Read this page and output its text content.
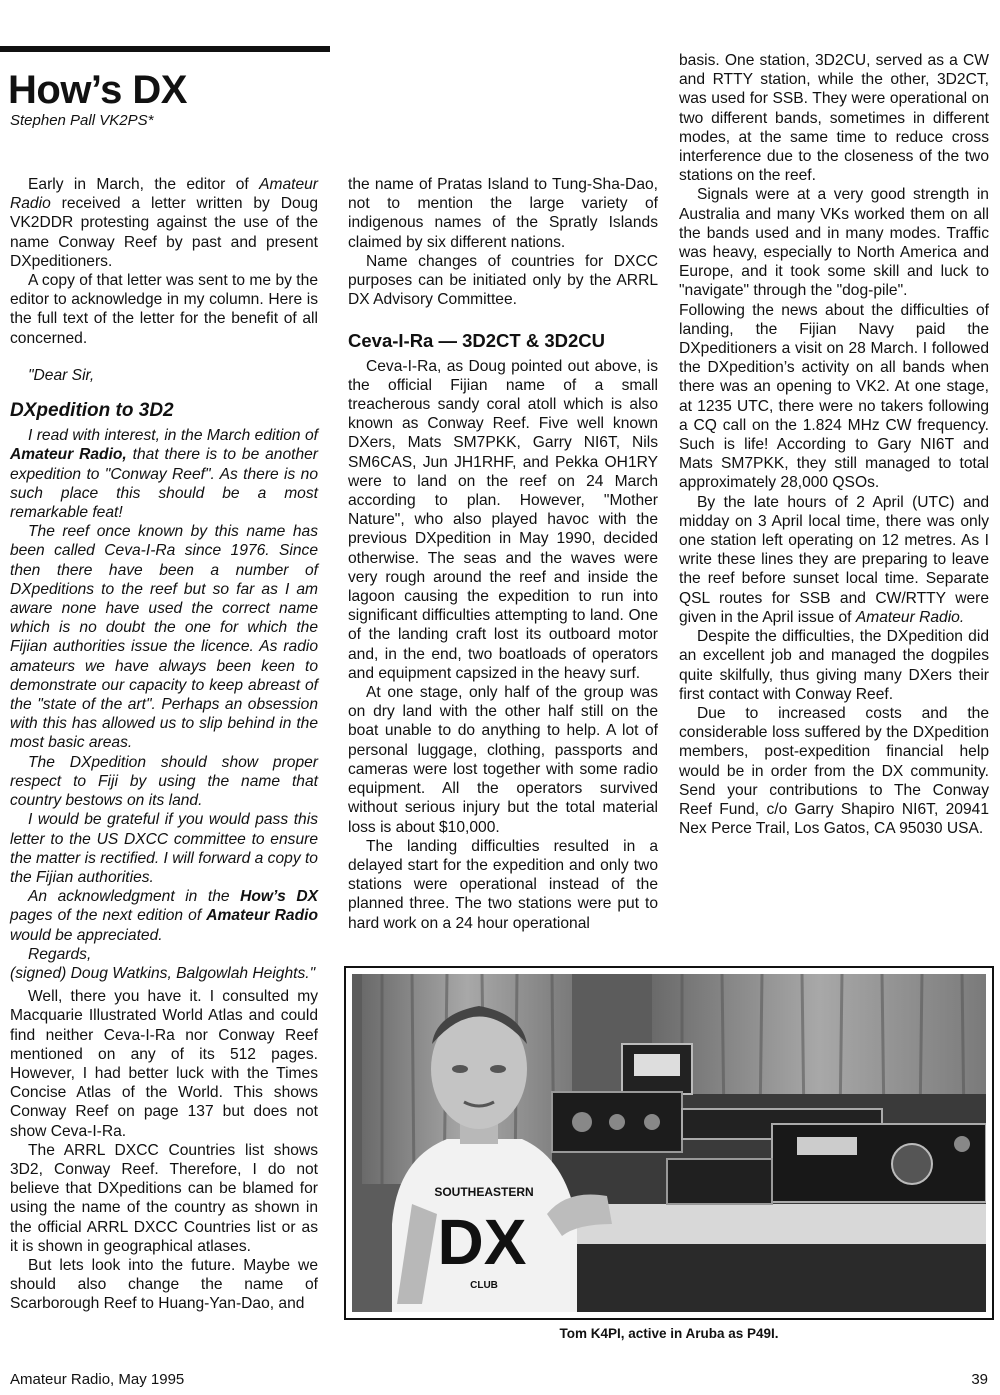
How’s DX
Stephen Pall VK2PS*

Early in March, the editor of Amateur Radio received a letter written by Doug VK2DDR protesting against the use of the name Conway Reef by past and present DXpeditioners.

A copy of that letter was sent to me by the editor to acknowledge in my column. Here is the full text of the letter for the benefit of all concerned.

"Dear Sir,

DXpedition to 3D2

I read with interest, in the March edition of Amateur Radio, that there is to be another expedition to "Conway Reef". As there is no such place this should be a most remarkable feat!

The reef once known by this name has been called Ceva-I-Ra since 1976. Since then there have been a number of DXpeditions to the reef but so far as I am aware none have used the correct name which is no doubt the one for which the Fijian authorities issue the licence. As radio amateurs we have always been keen to demonstrate our capacity to keep abreast of the "state of the art". Perhaps an obsession with this has allowed us to slip behind in the most basic areas.

The DXpedition should show proper respect to Fiji by using the name that country bestows on its land.

I would be grateful if you would pass this letter to the US DXCC committee to ensure the matter is rectified. I will forward a copy to the Fijian authorities.

An acknowledgment in the How’s DX pages of the next edition of Amateur Radio would be appreciated.

Regards,

(signed) Doug Watkins, Balgowlah Heights."

Well, there you have it. I consulted my Macquarie Illustrated World Atlas and could find neither Ceva-I-Ra nor Conway Reef mentioned on any of its 512 pages. However, I had better luck with the Times Concise Atlas of the World. This shows Conway Reef on page 137 but does not show Ceva-I-Ra.

The ARRL DXCC Countries list shows 3D2, Conway Reef. Therefore, I do not believe that DXpeditions can be blamed for using the name of the country as shown in the official ARRL DXCC Countries list or as it is shown in geographical atlases.

But lets look into the future. Maybe we should also change the name of Scarborough Reef to Huang-Yan-Dao, and

the name of Pratas Island to Tung-Sha-Dao, not to mention the large variety of indigenous names of the Spratly Islands claimed by six different nations.

Name changes of countries for DXCC purposes can be initiated only by the ARRL DX Advisory Committee.

Ceva-I-Ra — 3D2CT & 3D2CU

Ceva-I-Ra, as Doug pointed out above, is the official Fijian name of a small treacherous sandy coral atoll which is also known as Conway Reef. Five well known DXers, Mats SM7PKK, Garry NI6T, Nils SM6CAS, Jun JH1RHF, and Pekka OH1RY were to land on the reef on 24 March according to plan. However, "Mother Nature", who also played havoc with the previous DXpedition in May 1990, decided otherwise. The seas and the waves were very rough around the reef and inside the lagoon causing the expedition to run into significant difficulties attempting to land. One of the landing craft lost its outboard motor and, in the end, two boatloads of operators and equipment capsized in the heavy surf.

At one stage, only half of the group was on dry land with the other half still on the boat unable to do anything to help. A lot of personal luggage, clothing, passports and cameras were lost together with some radio equipment. All the operators survived without serious injury but the total material loss is about $10,000.

The landing difficulties resulted in a delayed start for the expedition and only two stations were operational instead of the planned three. The two stations were put to hard work on a 24 hour operational

basis. One station, 3D2CU, served as a CW and RTTY station, while the other, 3D2CT, was used for SSB. They were operational on two different bands, sometimes in different modes, at the same time to reduce cross interference due to the closeness of the two stations on the reef.

Signals were at a very good strength in Australia and many VKs worked them on all the bands used and in many modes. Traffic was heavy, especially to North America and Europe, and it took some skill and luck to "navigate" through the "dog-pile".

Following the news about the difficulties of landing, the Fijian Navy paid the DXpeditioners a visit on 28 March. I followed the DXpedition’s activity on all bands when there was an opening to VK2. At one stage, at 1235 UTC, there were no takers following a CQ call on the 1.824 MHz CW frequency. Such is life! According to Gary NI6T and Mats SM7PKK, they still managed to total approximately 28,000 QSOs.

By the late hours of 2 April (UTC) and midday on 3 April local time, there was only one station left operating on 12 metres. As I write these lines they are preparing to leave the reef before sunset local time. Separate QSL routes for SSB and CW/RTTY were given in the April issue of Amateur Radio.

Despite the difficulties, the DXpedition did an excellent job and managed the dogpiles quite skilfully, thus giving many DXers their first contact with Conway Reef.

Due to increased costs and the considerable loss suffered by the DXpedition members, post-expedition financial help would be in order from the DX community. Send your contributions to The Conway Reef Fund, c/o Garry Shapiro NI6T, 20941 Nex Perce Trail, Los Gatos, CA 95030 USA.

SOUTHEASTERN
DX
CLUB
Tom K4PI, active in Aruba as P49I.
Amateur Radio, May 1995	39
